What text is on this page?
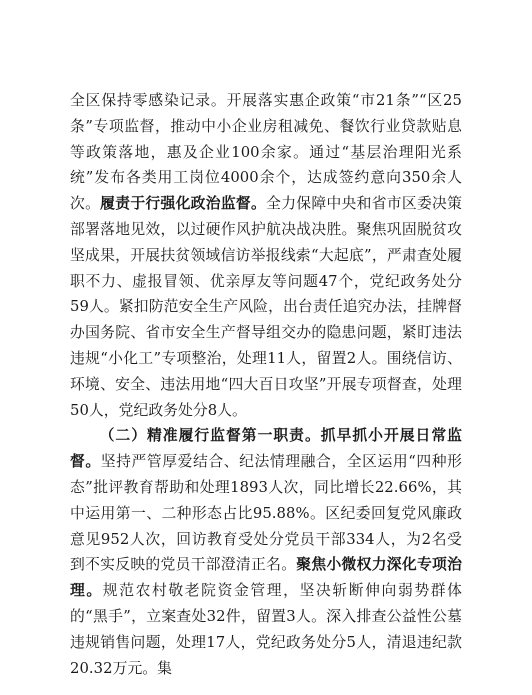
全区保持零感染记录。开展落实惠企政策“市21条”“区25条”专项监督，推动中小企业房租减免、餐饮行业贷款贴息等政策落地，惠及企业100余家。通过“基层治理阳光系统”发布各类用工岗位4000余个，达成签约意向350余人次。履责于行强化政治监督。全力保障中央和省市区委决策部署落地见效，以过硬作风护航决战决胜。聚焦巩固脱贫攻坚成果，开展扶贫领域信访举报线索“大起底”，严肃查处履职不力、虚报冒领、优亲厚友等问题47个，党纪政务处分59人。紧扣防范安全生产风险，出台责任追究办法，挂牌督办国务院、省市安全生产督导组交办的隐患问题，紧盯违法违规“小化工”专项整治，处理11人，留置2人。围绕信访、环境、安全、违法用地“四大百日攻坚”开展专项督查，处理50人，党纪政务处分8人。

（二）精准履行监督第一职责。抓早抓小开展日常监督。坚持严管厚爱结合、纪法情理融合，全区运用“四种形态”批评教育帮助和处理1893人次，同比增长22.66%，其中运用第一、二种形态占比95.88%。区纪委回复党风廉政意见952人次，回访教育受处分党员干部334人，为2名受到不实反映的党员干部澄清正名。聚焦小微权力深化专项治理。规范农村敬老院资金管理，坚决斩断伸向弱势群体的“黑手”，立案查处32件，留置3人。深入排查公益性公墓违规销售问题，处理17人，党纪政务处分5人，清退违纪款20.32万元。集
